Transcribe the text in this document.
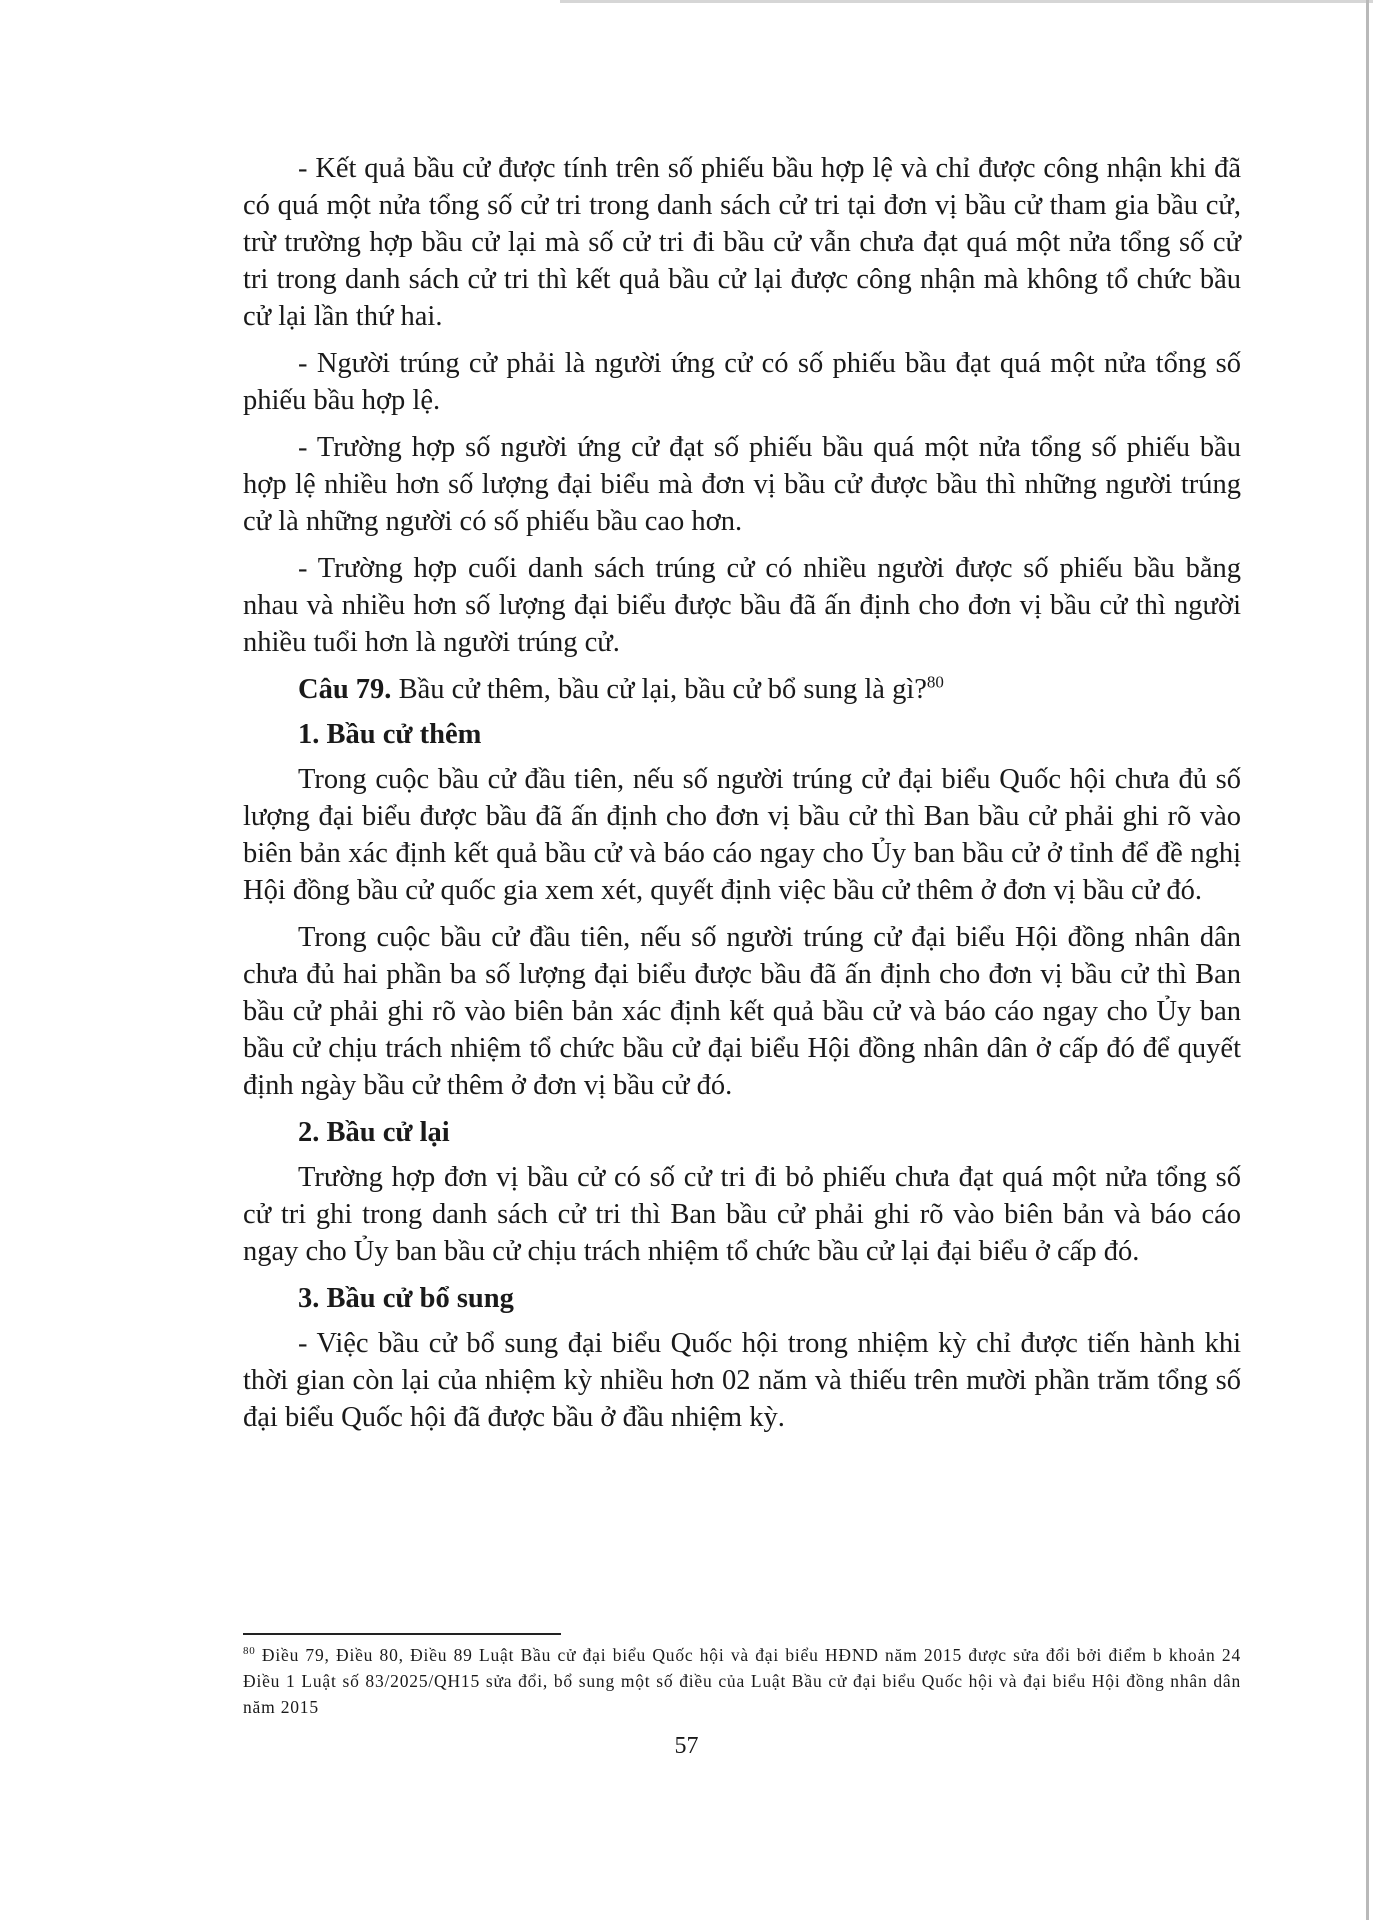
- Kết quả bầu cử được tính trên số phiếu bầu hợp lệ và chỉ được công nhận khi đã có quá một nửa tổng số cử tri trong danh sách cử tri tại đơn vị bầu cử tham gia bầu cử, trừ trường hợp bầu cử lại mà số cử tri đi bầu cử vẫn chưa đạt quá một nửa tổng số cử tri trong danh sách cử tri thì kết quả bầu cử lại được công nhận mà không tổ chức bầu cử lại lần thứ hai.

- Người trúng cử phải là người ứng cử có số phiếu bầu đạt quá một nửa tổng số phiếu bầu hợp lệ.

- Trường hợp số người ứng cử đạt số phiếu bầu quá một nửa tổng số phiếu bầu hợp lệ nhiều hơn số lượng đại biểu mà đơn vị bầu cử được bầu thì những người trúng cử là những người có số phiếu bầu cao hơn.

- Trường hợp cuối danh sách trúng cử có nhiều người được số phiếu bầu bằng nhau và nhiều hơn số lượng đại biểu được bầu đã ấn định cho đơn vị bầu cử thì người nhiều tuổi hơn là người trúng cử.

Câu 79. Bầu cử thêm, bầu cử lại, bầu cử bổ sung là gì?$^{80}$
1. Bầu cử thêm

Trong cuộc bầu cử đầu tiên, nếu số người trúng cử đại biểu Quốc hội chưa đủ số lượng đại biểu được bầu đã ấn định cho đơn vị bầu cử thì Ban bầu cử phải ghi rõ vào biên bản xác định kết quả bầu cử và báo cáo ngay cho Ủy ban bầu cử ở tỉnh để đề nghị Hội đồng bầu cử quốc gia xem xét, quyết định việc bầu cử thêm ở đơn vị bầu cử đó.

Trong cuộc bầu cử đầu tiên, nếu số người trúng cử đại biểu Hội đồng nhân dân chưa đủ hai phần ba số lượng đại biểu được bầu đã ấn định cho đơn vị bầu cử thì Ban bầu cử phải ghi rõ vào biên bản xác định kết quả bầu cử và báo cáo ngay cho Ủy ban bầu cử chịu trách nhiệm tổ chức bầu cử đại biểu Hội đồng nhân dân ở cấp đó để quyết định ngày bầu cử thêm ở đơn vị bầu cử đó.

2. Bầu cử lại

Trường hợp đơn vị bầu cử có số cử tri đi bỏ phiếu chưa đạt quá một nửa tổng số cử tri ghi trong danh sách cử tri thì Ban bầu cử phải ghi rõ vào biên bản và báo cáo ngay cho Ủy ban bầu cử chịu trách nhiệm tổ chức bầu cử lại đại biểu ở cấp đó.

3. Bầu cử bổ sung

- Việc bầu cử bổ sung đại biểu Quốc hội trong nhiệm kỳ chỉ được tiến hành khi thời gian còn lại của nhiệm kỳ nhiều hơn 02 năm và thiếu trên mười phần trăm tổng số đại biểu Quốc hội đã được bầu ở đầu nhiệm kỳ.

$^{80}$ Điều 79, Điều 80, Điều 89 Luật Bầu cử đại biểu Quốc hội và đại biểu HĐND năm 2015 được sửa đổi bởi điểm b khoản 24 Điều 1 Luật số 83/2025/QH15 sửa đổi, bổ sung một số điều của Luật Bầu cử đại biểu Quốc hội và đại biểu Hội đồng nhân dân năm 2015
57
